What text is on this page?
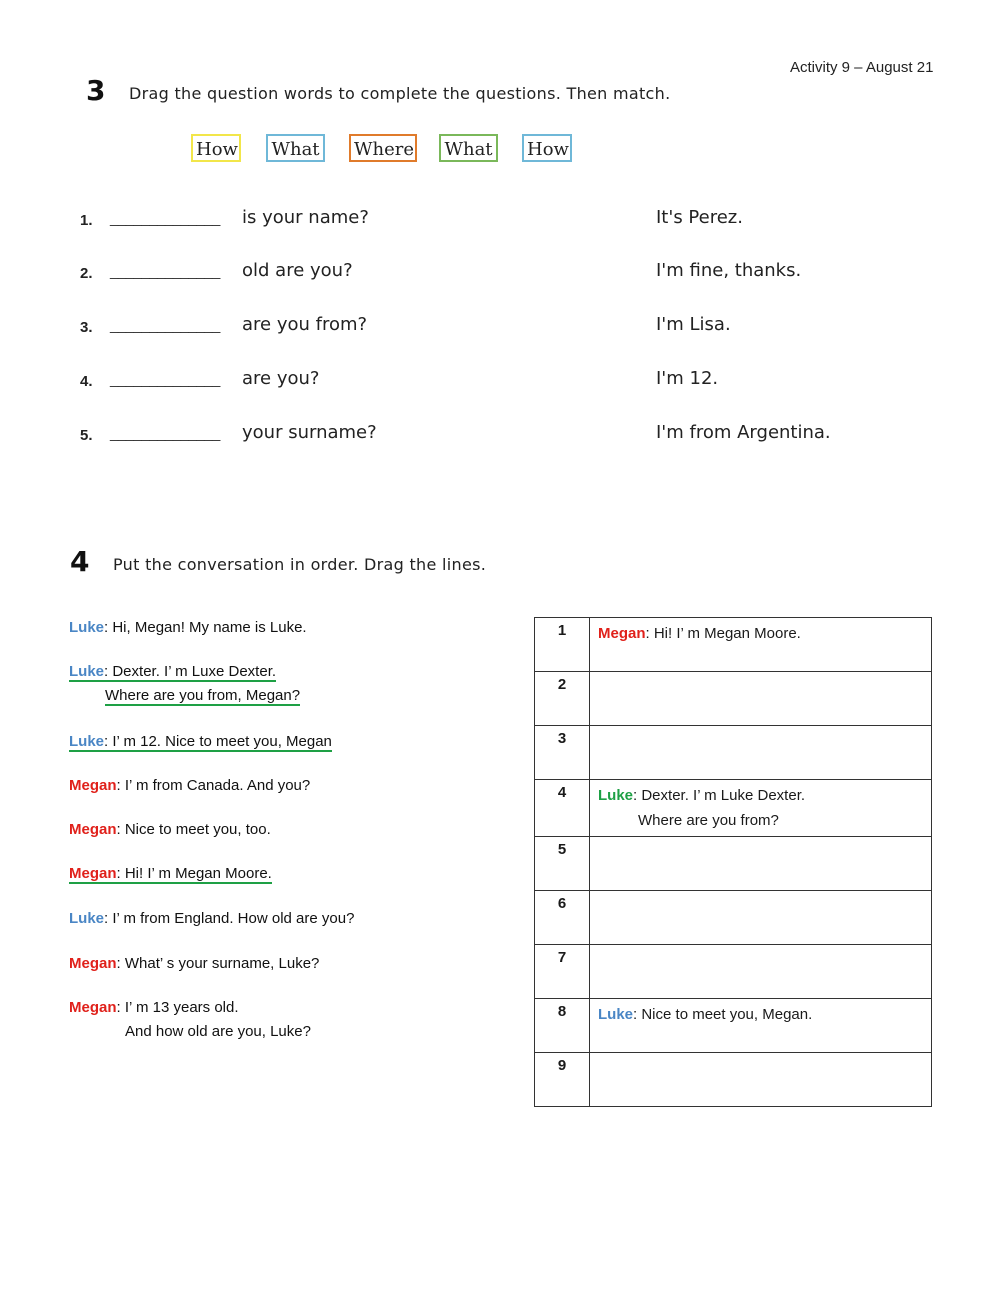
Activity 9 – August 21
3 Drag the question words to complete the questions. Then match.
How	What	Where	What	How
1. ______________ is your name?	It's Perez.
2. ______________ old are you?	I'm fine, thanks.
3. ______________ are you from?	I'm Lisa.
4. ______________ are you?	I'm 12.
5. ______________ your surname?	I'm from Argentina.
4 Put the conversation in order. Drag the lines.
Luke: Hi, Megan! My name is Luke.
Luke: Dexter. I’ m Luxe Dexter.
Where are you from, Megan?
Luke: I’ m 12. Nice to meet you, Megan
Megan: I’ m from Canada. And you?
Megan: Nice to meet you, too.
Megan: Hi! I’ m Megan Moore.
Luke: I’ m from England. How old are you?
Megan: What’ s your surname, Luke?
Megan: I’ m 13 years old.
And how old are you, Luke?
1	Megan: Hi! I’ m Megan Moore.

2	
3	
4	Luke: Dexter. I’ m Luke Dexter.
Where are you from?

5	
6	
7	
8	Luke: Nice to meet you, Megan.

9	
